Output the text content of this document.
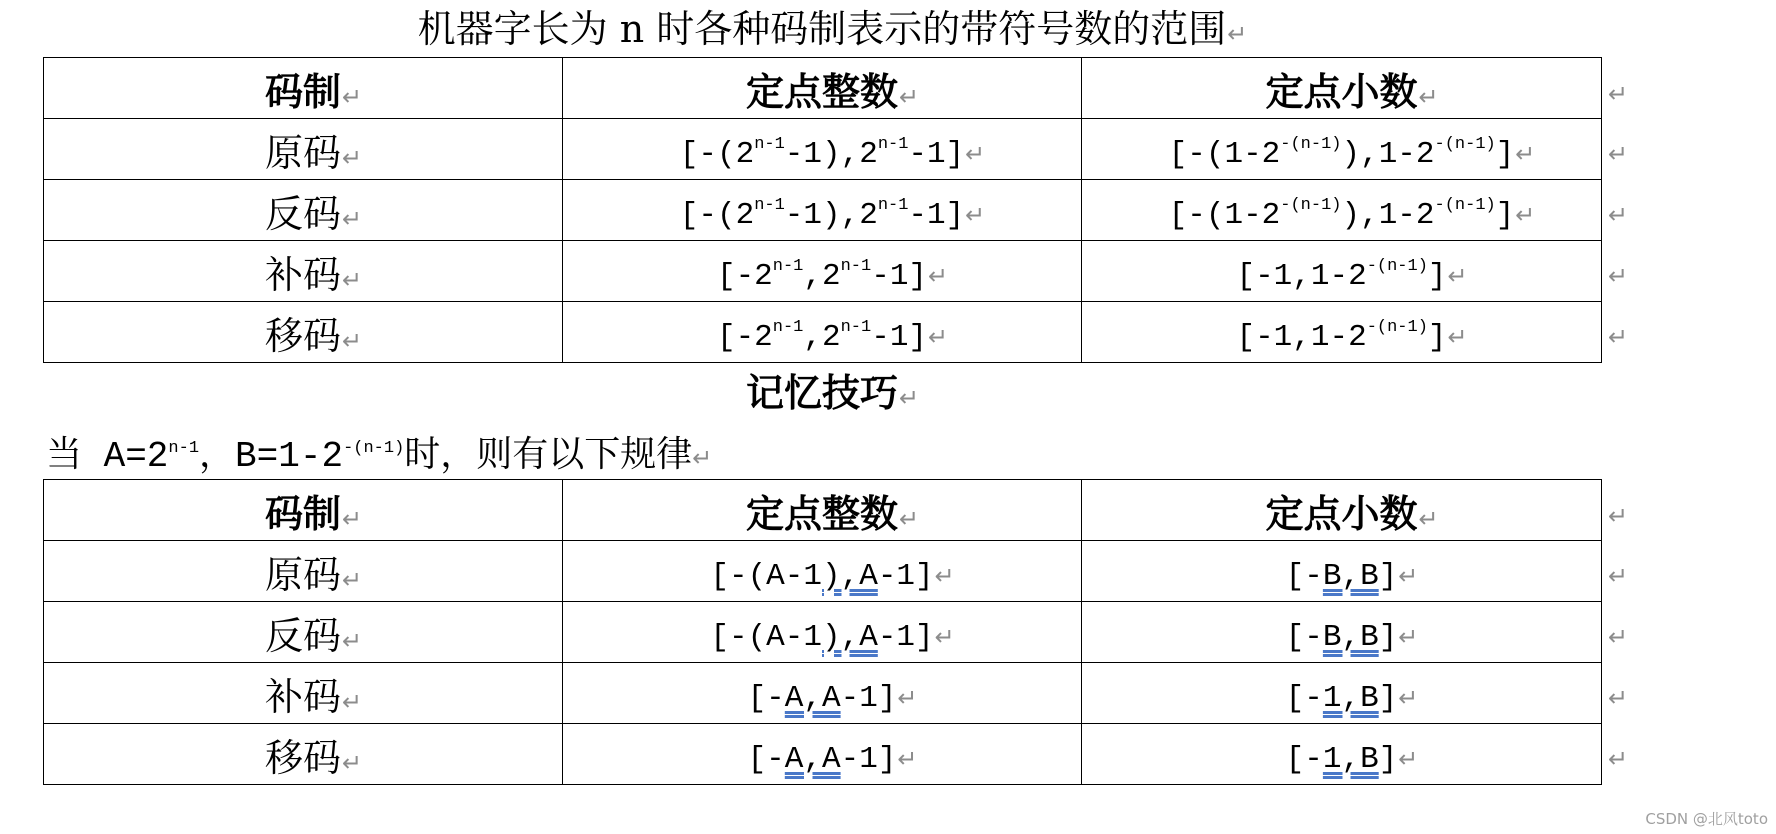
机器字长为 n 时各种码制表示的带符号数的范围↵
码制↵	定点整数↵	定点小数↵	↵
原码↵	[-(2$^{n-1}$-1),2$^{n-1}$-1]↵	$[-(1-2^{-(n-1)}),1-2^{-(n-1)}]↵$	↵
反码↵	[-(2$^{n-1}$-1),2$^{n-1}$-1]↵	$[-(1-2^{-(n-1)}),1-2^{-(n-1)}]↵$	↵
补码↵	[-2$^{n-1}$,2$^{n-1}$-1]↵	$[-1,1-2^{-(n-1)}]↵$	↵
移码↵	[-2$^{n-1}$,2$^{n-1}$-1]↵	$[-1,1-2^{-(n-1)}]↵$	↵
记忆技巧↵
当 $A=2^{n-1}$，$B=1-2^{-(n-1)}$时，则有以下规律↵
码制↵	定点整数↵	定点小数↵	↵
原码↵	[-(A-1),A-1]↵	[-B,B]↵	↵
反码↵	[-(A-1),A-1]↵	[-B,B]↵	↵
补码↵	[-A,A-1]↵	[-1,B]↵	↵
移码↵	[-A,A-1]↵	[-1,B]↵	↵
CSDN @北风toto
